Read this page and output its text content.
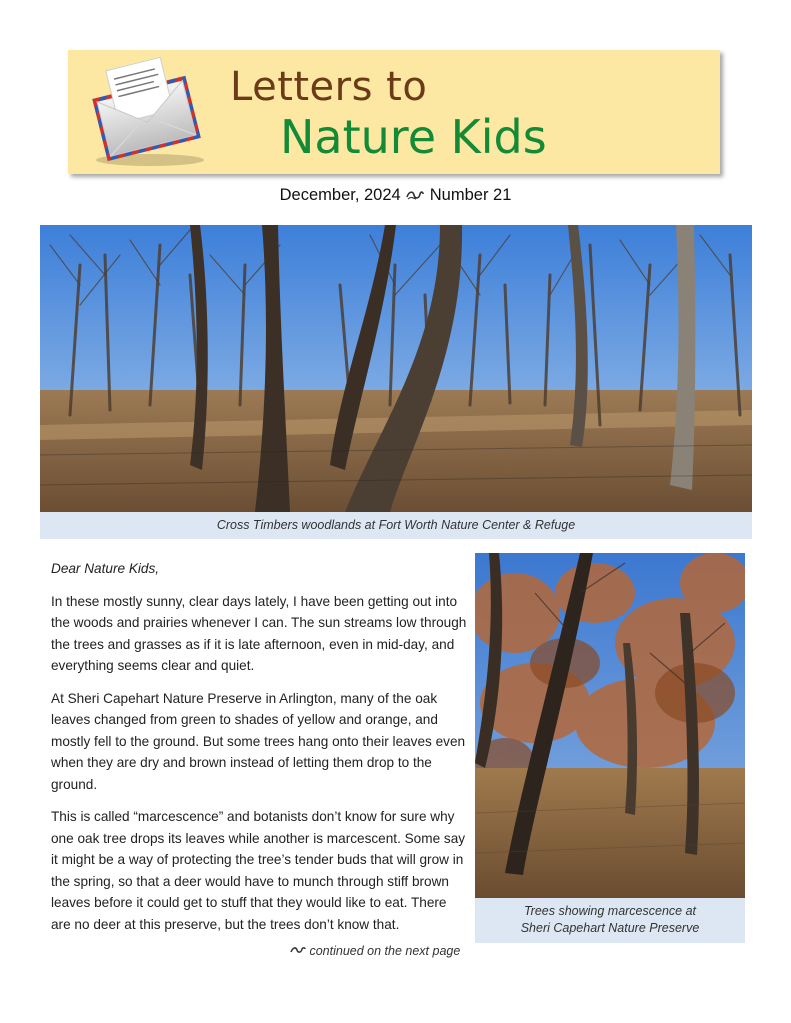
Letters to
Nature Kids
December, 2024 Number 21
Cross Timbers woodlands at Fort Worth Nature Center & Refuge

Dear Nature Kids,

In these mostly sunny, clear days lately, I have been getting out into the woods and prairies whenever I can. The sun streams low through the trees and grasses as if it is late afternoon, even in mid-day, and everything seems clear and quiet.

At Sheri Capehart Nature Preserve in Arlington, many of the oak leaves changed from green to shades of yellow and orange, and mostly fell to the ground. But some trees hang onto their leaves even when they are dry and brown instead of letting them drop to the ground.

This is called “marcescence” and botanists don’t know for sure why one oak tree drops its leaves while another is marcescent. Some say it might be a way of protecting the tree’s tender buds that will grow in the spring, so that a deer would have to munch through stiff brown leaves before it could get to stuff that they would like to eat. There are no deer at this preserve, but the trees don’t know that.

Trees showing marcescence at
Sheri Capehart Nature Preserve
continued on the next page
